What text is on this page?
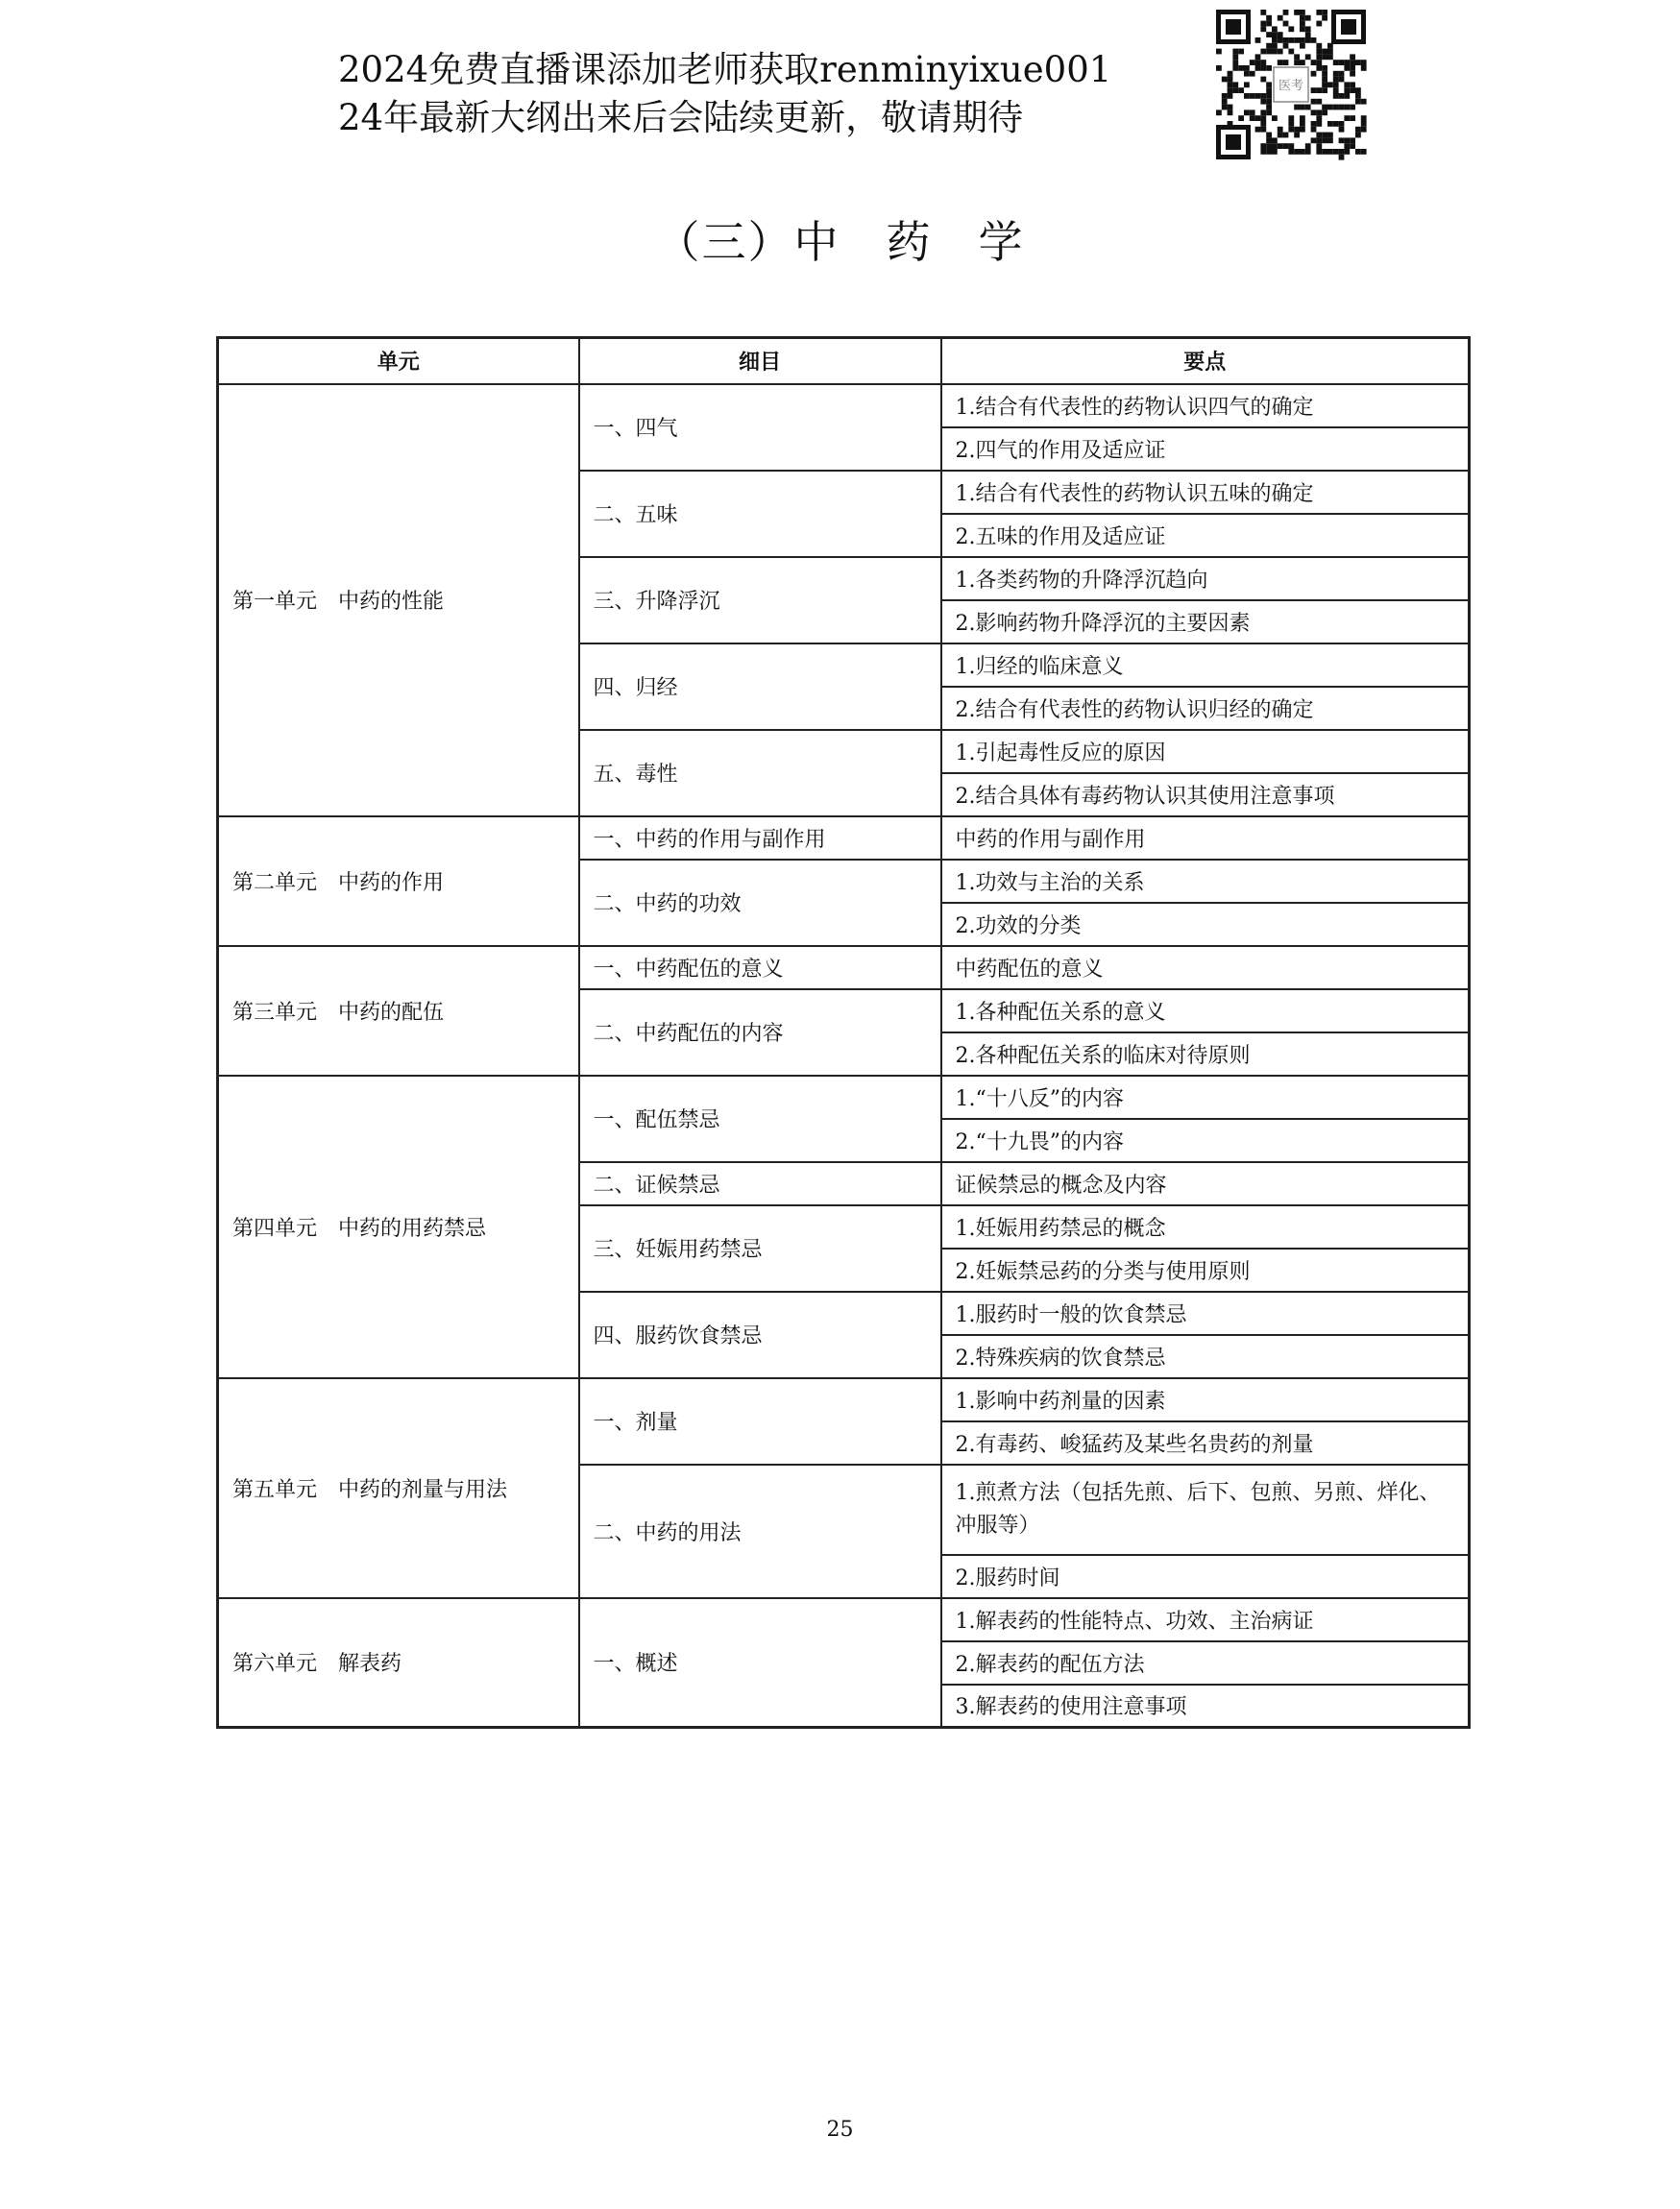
2024免费直播课添加老师获取renminyixue001
24年最新大纲出来后会陆续更新，敬请期待
医考
（三）中　药　学
单元	细目	要点
第一单元　中药的性能	一、四气	1.结合有代表性的药物认识四气的确定
		2.四气的作用及适应证
	二、五味	1.结合有代表性的药物认识五味的确定
		2.五味的作用及适应证
	三、升降浮沉	1.各类药物的升降浮沉趋向
		2.影响药物升降浮沉的主要因素
	四、归经	1.归经的临床意义
		2.结合有代表性的药物认识归经的确定
	五、毒性	1.引起毒性反应的原因
		2.结合具体有毒药物认识其使用注意事项
第二单元　中药的作用	一、中药的作用与副作用	中药的作用与副作用
	二、中药的功效	1.功效与主治的关系
		2.功效的分类
第三单元　中药的配伍	一、中药配伍的意义	中药配伍的意义
	二、中药配伍的内容	1.各种配伍关系的意义
		2.各种配伍关系的临床对待原则
第四单元　中药的用药禁忌	一、配伍禁忌	1.“十八反”的内容
		2.“十九畏”的内容
	二、证候禁忌	证候禁忌的概念及内容
	三、妊娠用药禁忌	1.妊娠用药禁忌的概念
		2.妊娠禁忌药的分类与使用原则
	四、服药饮食禁忌	1.服药时一般的饮食禁忌
		2.特殊疾病的饮食禁忌
第五单元　中药的剂量与用法	一、剂量	1.影响中药剂量的因素
		2.有毒药、峻猛药及某些名贵药的剂量
	二、中药的用法	1.煎煮方法（包括先煎、后下、包煎、另煎、烊化、冲服等）
		2.服药时间
第六单元　解表药	一、概述	1.解表药的性能特点、功效、主治病证
		2.解表药的配伍方法
		3.解表药的使用注意事项
25
